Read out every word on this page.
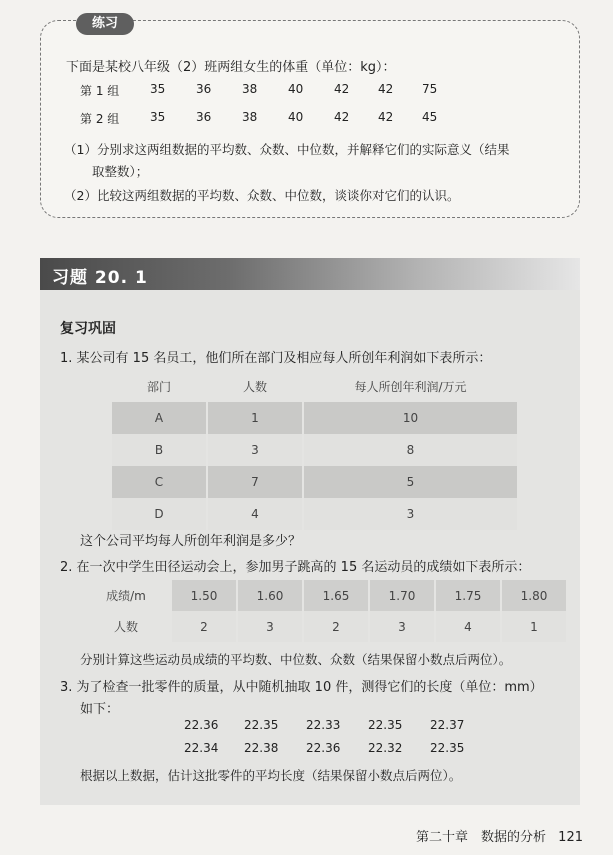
练习
下面是某校八年级（2）班两组女生的体重（单位：kg）：
第 1 组	35	36	38	40	42 42 75
第 2 组	35	36	38	40	42 42 45
（1）分别求这两组数据的平均数、众数、中位数，并解释它们的实际意义（结果
取整数）；
（2）比较这两组数据的平均数、众数、中位数，谈谈你对它们的认识。
习题 20. 1
复习巩固
1. 某公司有 15 名员工，他们所在部门及相应每人所创年利润如下表所示：
部门	人数	每人所创年利润/万元
A	1	10
B	3	8
C	7	5
D	4	3
这个公司平均每人所创年利润是多少？
2. 在一次中学生田径运动会上，参加男子跳高的 15 名运动员的成绩如下表所示：
成绩/m	1.50	1.60	1.65	1.70	1.75	1.80
人数	2	3	2	3	4	1
分别计算这些运动员成绩的平均数、中位数、众数（结果保留小数点后两位）。
3. 为了检查一批零件的质量，从中随机抽取 10 件，测得它们的长度（单位：mm）
如下：
22.36 22.35 22.33 22.35 22.37
22.34 22.38 22.36 22.32 22.35
根据以上数据，估计这批零件的平均长度（结果保留小数点后两位）。
第二十章　数据的分析 121
